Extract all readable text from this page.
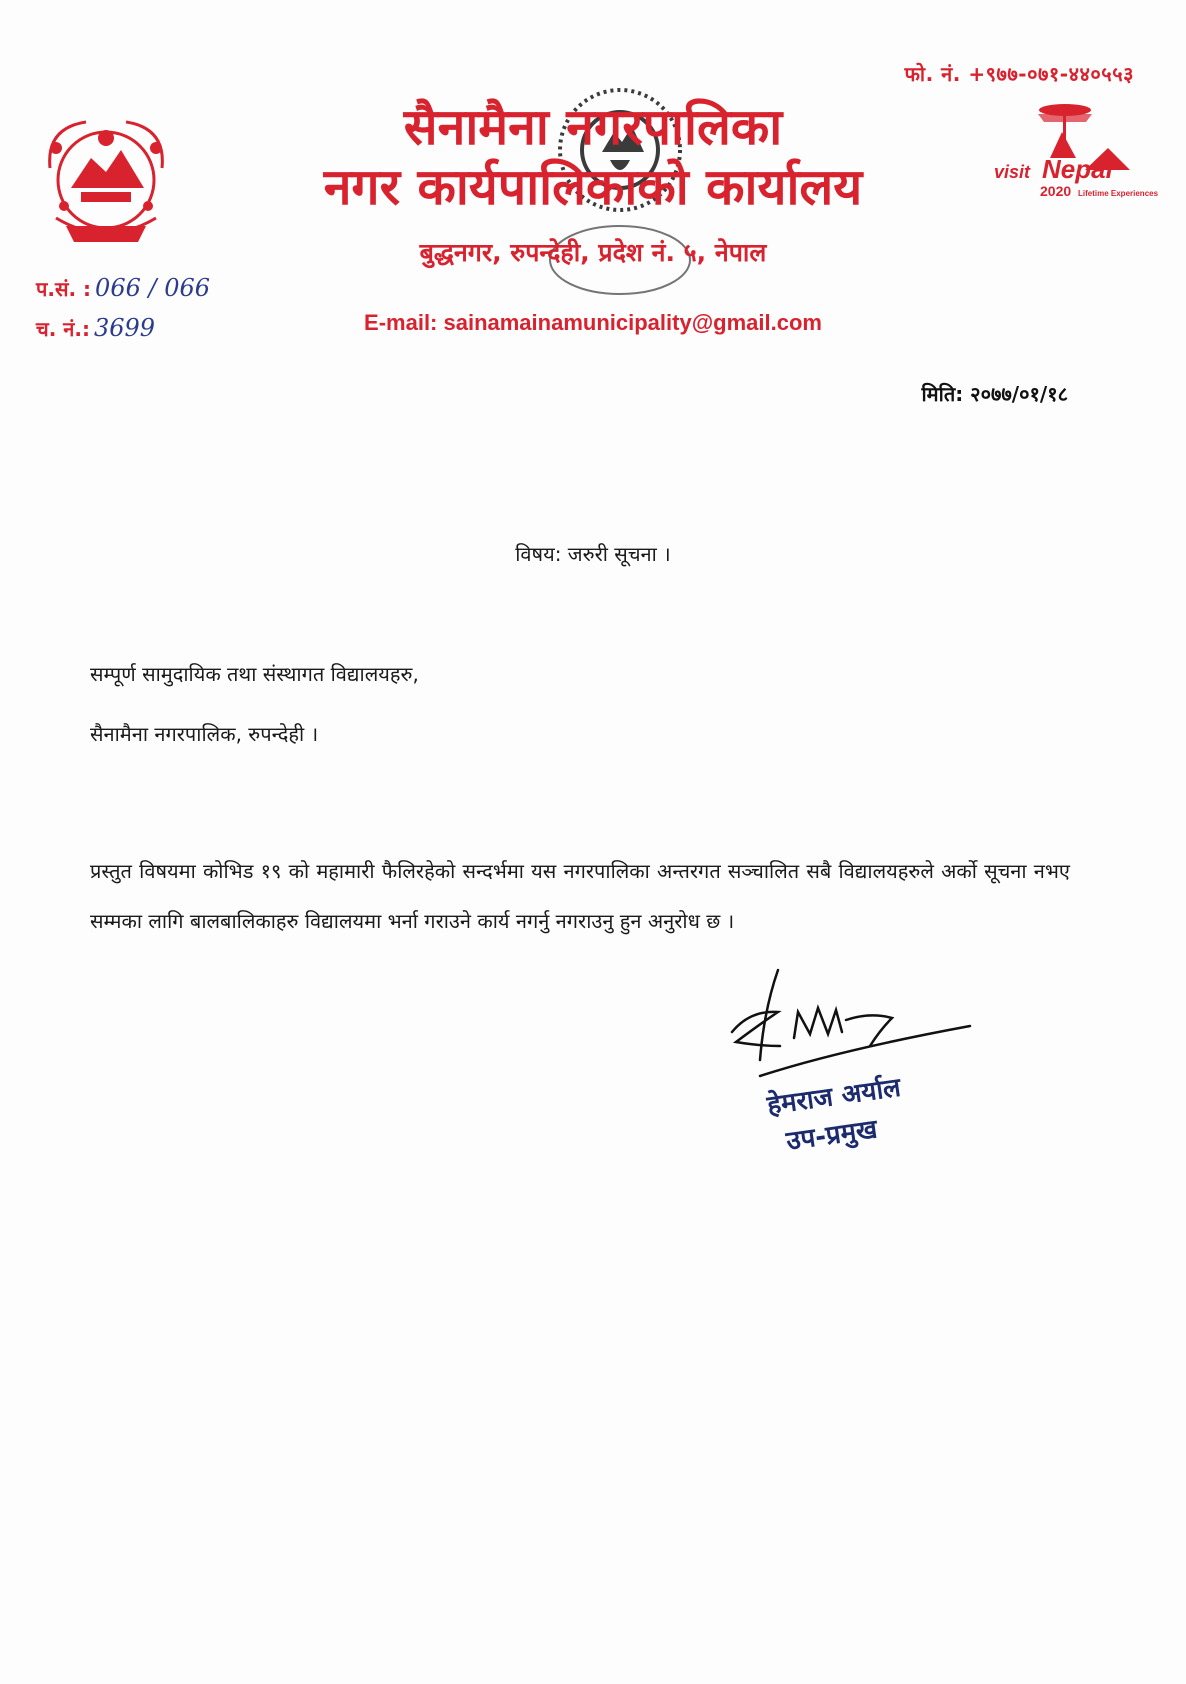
फो. नं. +९७७-०७१-४४०५५३
सैनामैना नगरपालिका
नगर कार्यपालिकाको कार्यालय
बुद्धनगर, रुपन्देही, प्रदेश नं. ५, नेपाल
E-mail: sainamainamunicipality@gmail.com
visit Nepal
2020 Lifetime Experiences
प.सं. : 066 / 066
च. नं.: 3699
मिति: २०७७/०१/१८
विषय: जरुरी सूचना ।
सम्पूर्ण सामुदायिक तथा संस्थागत विद्यालयहरु,
सैनामैना नगरपालिक, रुपन्देही ।
प्रस्तुत विषयमा कोभिड १९ को महामारी फैलिरहेको सन्दर्भमा यस नगरपालिका अन्तरगत सञ्चालित सबै विद्यालयहरुले अर्को सूचना नभए सम्मका लागि बालबालिकाहरु विद्यालयमा भर्ना गराउने कार्य नगर्नु नगराउनु हुन अनुरोध छ ।
हेमराज अर्याल
उप-प्रमुख
